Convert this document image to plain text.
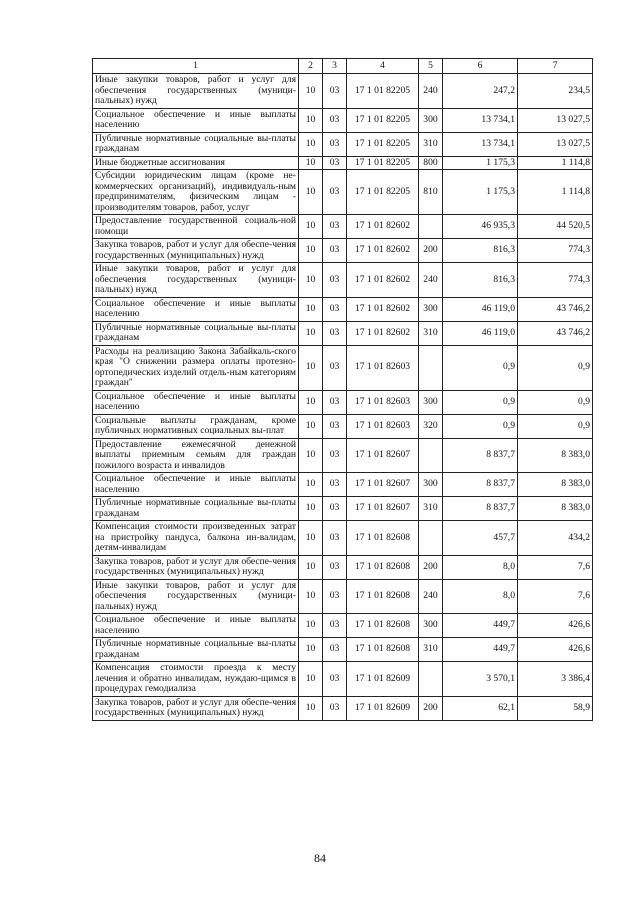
1	2	3	4	5	6	7
Иные закупки товаров, работ и услуг для обеспечения государственных (муници-пальных) нужд	10	03	17 1 01 82205	240	247,2	234,5
Социальное обеспечение и иные выплаты населению	10	03	17 1 01 82205	300	13 734,1	13 027,5
Публичные нормативные социальные вы-платы гражданам	10	03	17 1 01 82205	310	13 734,1	13 027,5
Иные бюджетные ассигнования	10	03	17 1 01 82205	800	1 175,3	1 114,8
Субсидии юридическим лицам (кроме не-коммерческих организаций), индивидуаль-ным предпринимателям, физическим лицам - производителям товаров, работ, услуг	10	03	17 1 01 82205	810	1 175,3	1 114,8
Предоставление государственной социаль-ной помощи	10	03	17 1 01 82602		46 935,3	44 520,5
Закупка товаров, работ и услуг для обеспе-чения государственных (муниципальных) нужд	10	03	17 1 01 82602	200	816,3	774,3
Иные закупки товаров, работ и услуг для обеспечения государственных (муници-пальных) нужд	10	03	17 1 01 82602	240	816,3	774,3
Социальное обеспечение и иные выплаты населению	10	03	17 1 01 82602	300	46 119,0	43 746,2
Публичные нормативные социальные вы-платы гражданам	10	03	17 1 01 82602	310	46 119,0	43 746,2
Расходы на реализацию Закона Забайкаль-ского края "О снижении размера оплаты протезно-ортопедических изделий отдель-ным категориям граждан"	10	03	17 1 01 82603		0,9	0,9
Социальное обеспечение и иные выплаты населению	10	03	17 1 01 82603	300	0,9	0,9
Социальные выплаты гражданам, кроме публичных нормативных социальных вы-плат	10	03	17 1 01 82603	320	0,9	0,9
Предоставление ежемесячной денежной выплаты приемным семьям для граждан пожилого возраста и инвалидов	10	03	17 1 01 82607		8 837,7	8 383,0
Социальное обеспечение и иные выплаты населению	10	03	17 1 01 82607	300	8 837,7	8 383,0
Публичные нормативные социальные вы-платы гражданам	10	03	17 1 01 82607	310	8 837,7	8 383,0
Компенсация стоимости произведенных затрат на пристройку пандуса, балкона ин-валидам, детям-инвалидам	10	03	17 1 01 82608		457,7	434,2
Закупка товаров, работ и услуг для обеспе-чения государственных (муниципальных) нужд	10	03	17 1 01 82608	200	8,0	7,6
Иные закупки товаров, работ и услуг для обеспечения государственных (муници-пальных) нужд	10	03	17 1 01 82608	240	8,0	7,6
Социальное обеспечение и иные выплаты населению	10	03	17 1 01 82608	300	449,7	426,6
Публичные нормативные социальные вы-платы гражданам	10	03	17 1 01 82608	310	449,7	426,6
Компенсация стоимости проезда к месту лечения и обратно инвалидам, нуждаю-щимся в процедурах гемодиализа	10	03	17 1 01 82609		3 570,1	3 386,4
Закупка товаров, работ и услуг для обеспе-чения государственных (муниципальных) нужд	10	03	17 1 01 82609	200	62,1	58,9
84
